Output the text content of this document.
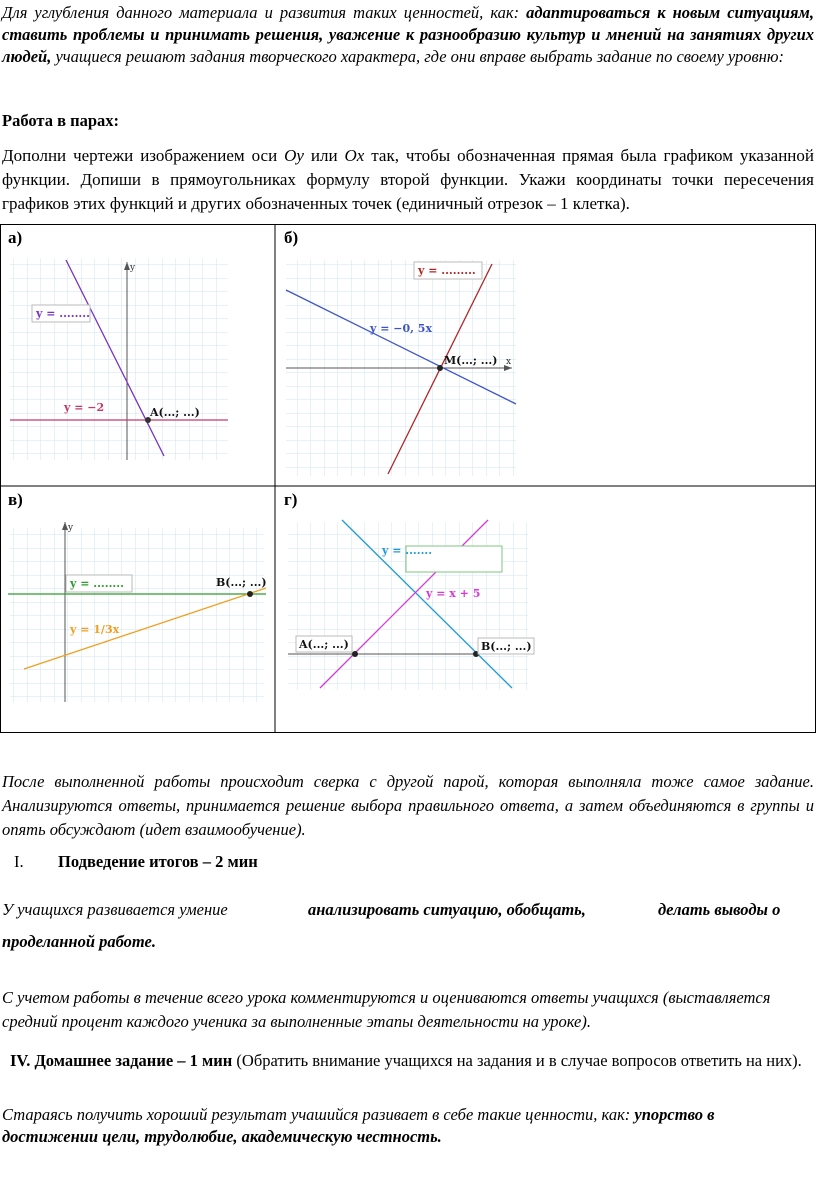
Для углубления данного материала и развития таких ценностей, как: адаптироваться к новым ситуациям, ставить проблемы и принимать решения, уважение к разнообразию культур и мнений на занятиях других людей, учащиеся решают задания творческого характера, где они вправе выбрать задание по своему уровню:

Работа в парах:

Дополни чертежи изображением оси Oy или Ox так, чтобы обозначенная прямая была графиком указанной функции. Допиши в прямоугольниках формулу второй функции. Укажи координаты точки пересечения графиков этих функций и других обозначенных точек (единичный отрезок – 1 клетка).

y
y = ........
y = −2	A(...; ...)
x
y = .........
y = −0, 5x
M(...; ...)
y
y = ........
y = 1/3x
B(...; ...)
y = .......
y = x + 5
A(...; ...)	B(...; ...)
а)	б)
в)	г)

После выполненной работы происходит сверка с другой парой, которая выполняла тоже самое задание. Анализируются ответы, принимается решение выбора правильного ответа, а затем объединяются в группы и опять обсуждают (идет взаимообучение).

I. Подведение итогов – 2 мин
У учащихся развивается умение	анализировать ситуацию, обобщать,	делать выводы о
проделанной работе.

С учетом работы в течение всего урока комментируются и оцениваются ответы учащихся (выставляется средний процент каждого ученика за выполненные этапы деятельности на уроке).

IV. Домашнее задание – 1 мин (Обратить внимание учащихся на задания и в случае вопросов ответить на них).

Стараясь получить хороший результат учашийся разивает в себе такие ценности, как: упорство в достижении цели, трудолюбие, академическую честность.
